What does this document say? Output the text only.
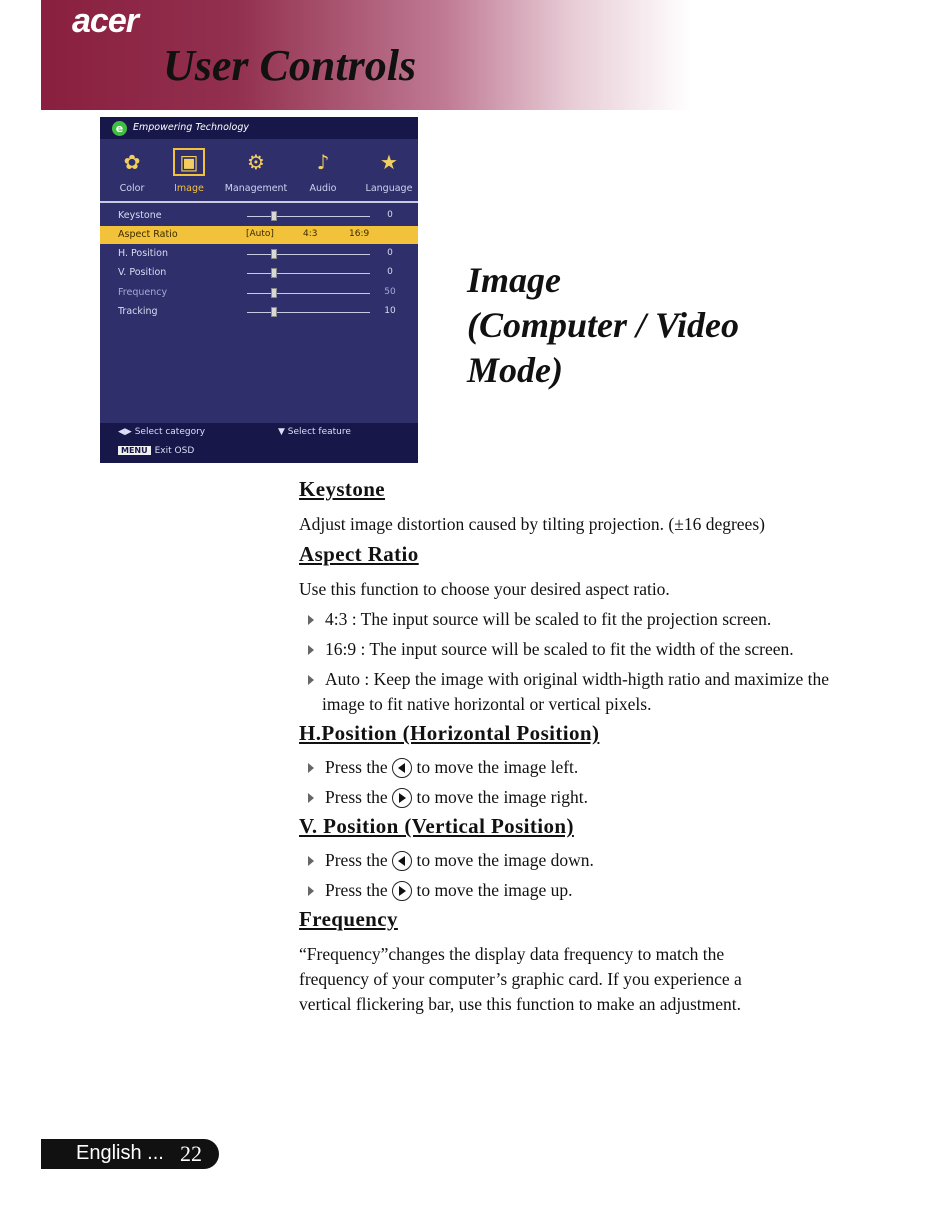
acer
User Controls
e	Empowering Technology
✿
Color
▣
Image
⚙
Management
♪
Audio
★
Language
Keystone	0
Aspect Ratio	[Auto]	4:3	16:9
H. Position	0
V. Position	0
Frequency	50
Tracking	10
◀▶ Select category	▼ Select feature
MENU Exit OSD
Image
(Computer / Video
Mode)
Keystone
Adjust image distortion caused by tilting projection. (±16 degrees)
Aspect Ratio
Use this function to choose your desired aspect ratio.
4:3 : The input source will be scaled to fit the projection screen.
16:9 : The input source will be scaled to fit the width of the screen.
Auto : Keep the image with original width-higth ratio and maximize the
image to fit native horizontal or vertical pixels.
H.Position (Horizontal Position)
Press the to move the image left.
Press the to move the image right.
V. Position (Vertical Position)
Press the to move the image down.
Press the to move the image up.
Frequency
“Frequency”changes the display data frequency to match the
frequency of your computer’s graphic card. If you experience a
vertical flickering bar, use this function to make an adjustment.
English ... 22
